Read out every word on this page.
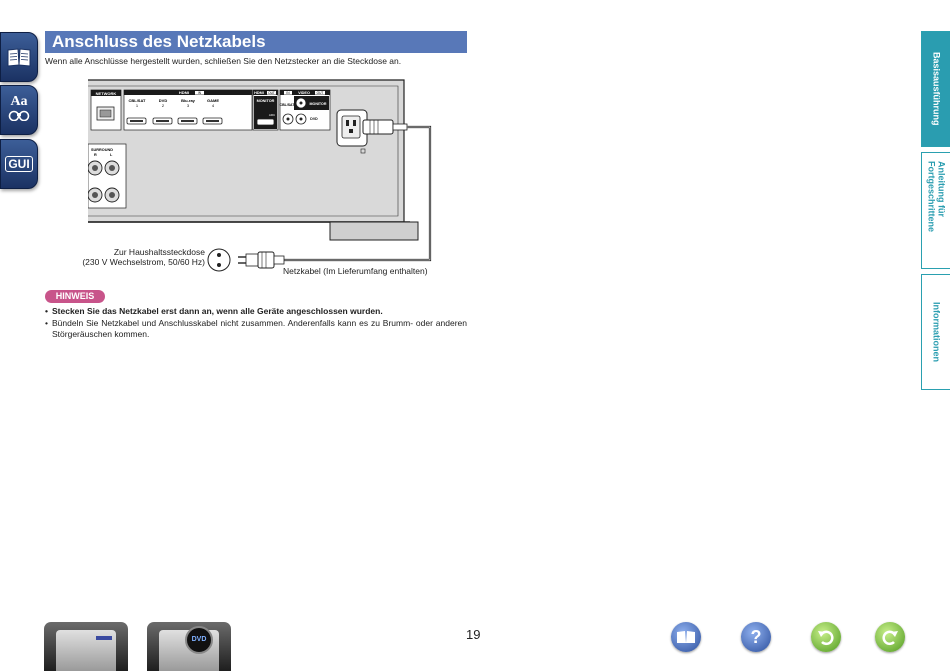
Aa
GUI
Anschluss des Netzkabels
Wenn alle Anschlüsse hergestellt wurden, schließen Sie den Netzstecker an die Steckdose an.
NETWORK	HDMI	IN
CBL/SAT
1
DVD
2
Blu-ray
3
GAME
4
HDMI OUT
MONITOR
ARC
IN VIDEO OUT
CBL/SAT	MONITOR
DVD
SURROUND
R	L
Zur Haushaltssteckdose
(230 V Wechselstrom, 50/60 Hz)
Netzkabel (Im Lieferumfang enthalten)
HINWEIS
• Stecken Sie das Netzkabel erst dann an, wenn alle Geräte angeschlossen wurden.
• Bündeln Sie Netzkabel und Anschlusskabel nicht zusammen. Anderenfalls kann es zu Brumm- oder anderen Störgeräuschen kommen.
Basisausführung
Anleitung für Fortgeschrittene
Informationen
19
DVD	?
